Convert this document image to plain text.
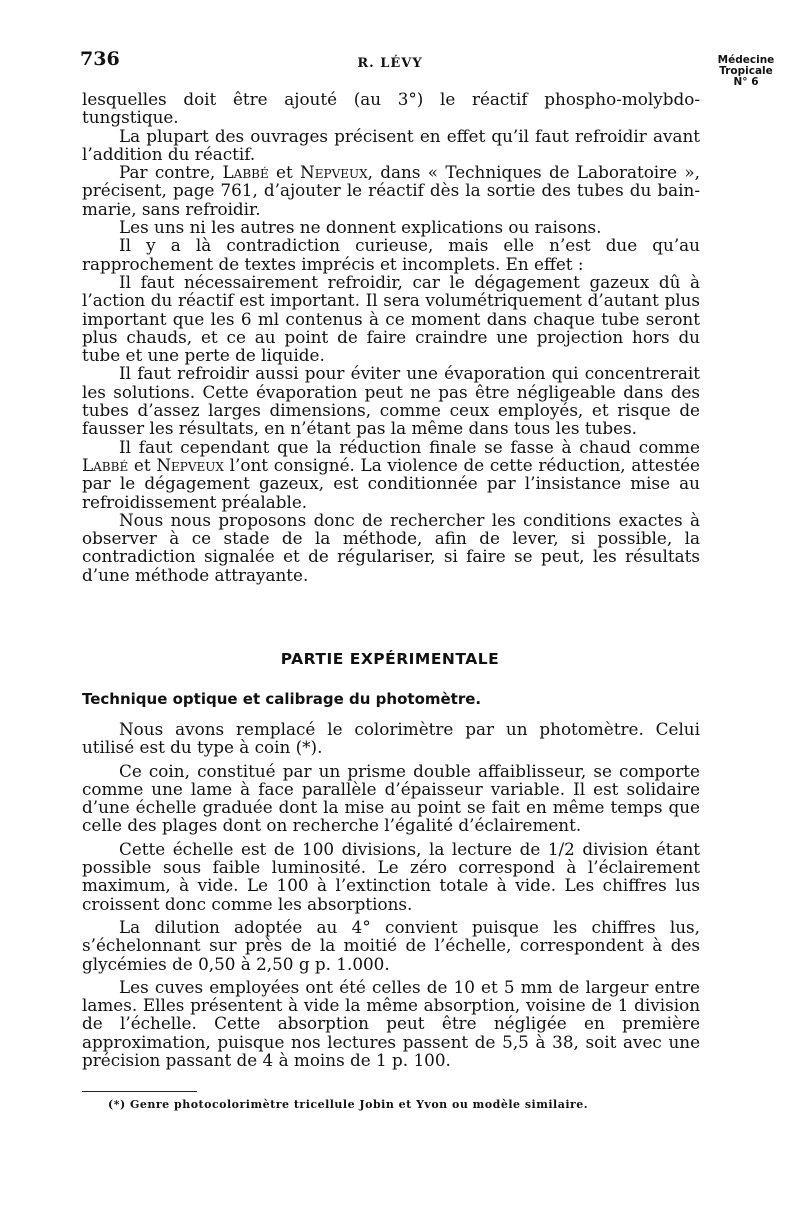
736	R. LÉVY	Médecine
Tropicale
N° 6

lesquelles doit être ajouté (au 3°) le réactif phospho-molybdo-tungstique.

La plupart des ouvrages précisent en effet qu’il faut refroidir avant l’addition du réactif.

Par contre, Labbé et Nepveux, dans « Techniques de Laboratoire », précisent, page 761, d’ajouter le réactif dès la sortie des tubes du bain-marie, sans refroidir.

Les uns ni les autres ne donnent explications ou raisons.

Il y a là contradiction curieuse, mais elle n’est due qu’au rapprochement de textes imprécis et incomplets. En effet :

Il faut nécessairement refroidir, car le dégagement gazeux dû à l’action du réactif est important. Il sera volumétriquement d’autant plus important que les 6 ml contenus à ce moment dans chaque tube seront plus chauds, et ce au point de faire craindre une projection hors du tube et une perte de liquide.

Il faut refroidir aussi pour éviter une évaporation qui concentrerait les solutions. Cette évaporation peut ne pas être négligeable dans des tubes d’assez larges dimensions, comme ceux employés, et risque de fausser les résultats, en n’étant pas la même dans tous les tubes.

Il faut cependant que la réduction finale se fasse à chaud comme Labbé et Nepveux l’ont consigné. La violence de cette réduction, attestée par le dégagement gazeux, est conditionnée par l’insistance mise au refroidissement préalable.

Nous nous proposons donc de rechercher les conditions exactes à observer à ce stade de la méthode, afin de lever, si possible, la contradiction signalée et de régulariser, si faire se peut, les résultats d’une méthode attrayante.

PARTIE EXPÉRIMENTALE
Technique optique et calibrage du photomètre.

Nous avons remplacé le colorimètre par un photomètre. Celui utilisé est du type à coin (*).

Ce coin, constitué par un prisme double affaiblisseur, se comporte comme une lame à face parallèle d’épaisseur variable. Il est solidaire d’une échelle graduée dont la mise au point se fait en même temps que celle des plages dont on recherche l’égalité d’éclairement.

Cette échelle est de 100 divisions, la lecture de 1/2 division étant possible sous faible luminosité. Le zéro correspond à l’éclairement maximum, à vide. Le 100 à l’extinction totale à vide. Les chiffres lus croissent donc comme les absorptions.

La dilution adoptée au 4° convient puisque les chiffres lus, s’échelonnant sur près de la moitié de l’échelle, correspondent à des glycémies de 0,50 à 2,50 g p. 1.000.

Les cuves employées ont été celles de 10 et 5 mm de largeur entre lames. Elles présentent à vide la même absorption, voisine de 1 division de l’échelle. Cette absorption peut être négligée en première approximation, puisque nos lectures passent de 5,5 à 38, soit avec une précision passant de 4 à moins de 1 p. 100.

(*) Genre photocolorimètre tricellule Jobin et Yvon ou modèle similaire.
